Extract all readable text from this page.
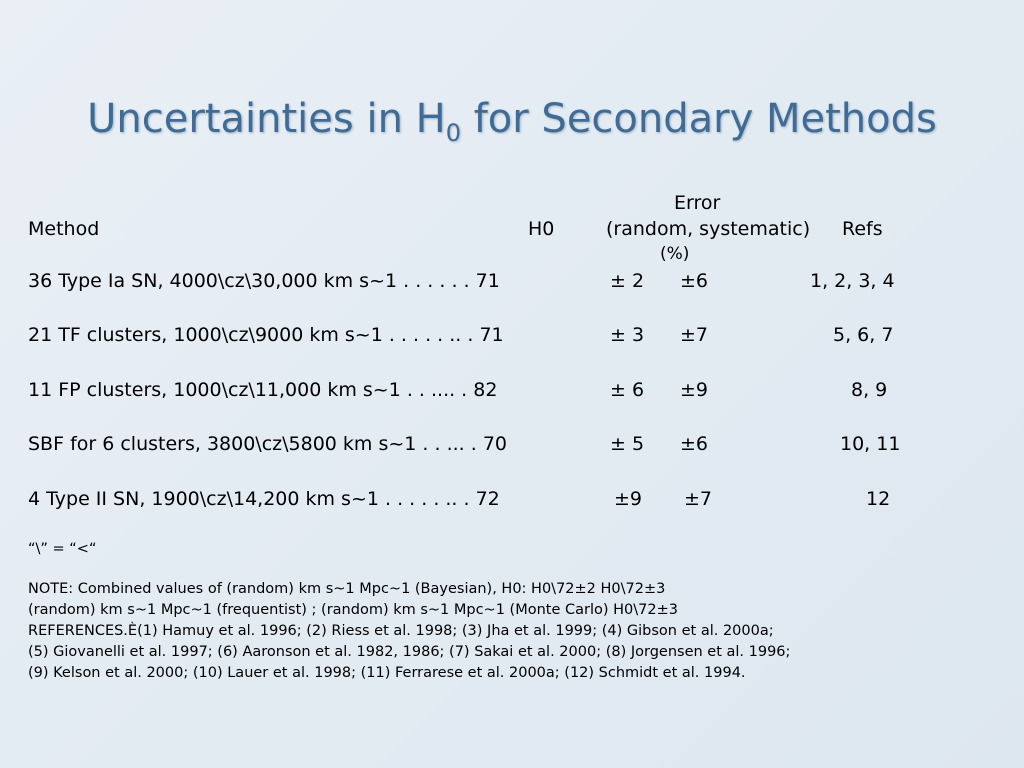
Uncertainties in $H_0$ for Secondary Methods
Error
Method	H0	(random, systematic) Refs
(%)
36 Type Ia SN, 4000\cz\30,000 km s~1 . . . . . . 71	± 2 ±6	1, 2, 3, 4
21 TF clusters, 1000\cz\9000 km s~1 . . . . . .. . 71	± 3 ±7	5, 6, 7
11 FP clusters, 1000\cz\11,000 km s~1 . . .... . 82	± 6 ±9	8, 9
SBF for 6 clusters, 3800\cz\5800 km s~1 . . ... . 70	± 5 ±6	10, 11
4 Type II SN, 1900\cz\14,200 km s~1 . . . . . .. . 72	±9 ±7	12
“\” = “<“
NOTE: Combined values of (random) km s~1 Mpc~1 (Bayesian), H0: H0\72±2 H0\72±3
(random) km s~1 Mpc~1 (frequentist) ; (random) km s~1 Mpc~1 (Monte Carlo) H0\72±3
REFERENCES.È(1) Hamuy et al. 1996; (2) Riess et al. 1998; (3) Jha et al. 1999; (4) Gibson et al. 2000a;
(5) Giovanelli et al. 1997; (6) Aaronson et al. 1982, 1986; (7) Sakai et al. 2000; (8) Jorgensen et al. 1996;
(9) Kelson et al. 2000; (10) Lauer et al. 1998; (11) Ferrarese et al. 2000a; (12) Schmidt et al. 1994.
